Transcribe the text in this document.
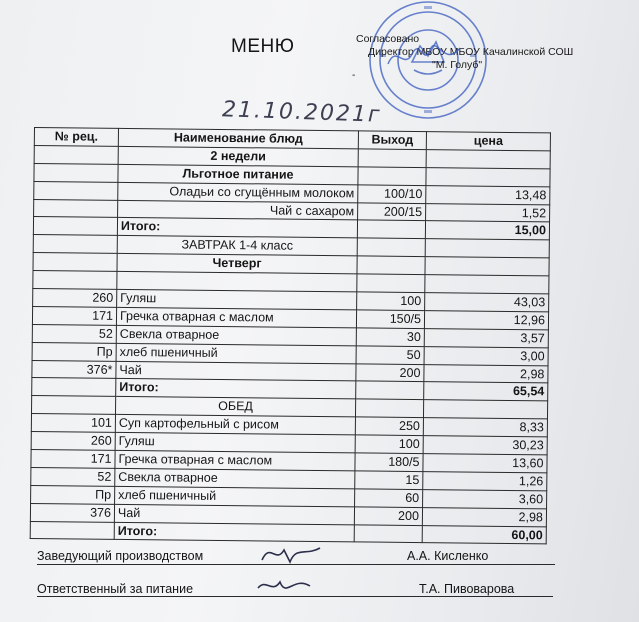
МЕНЮ	Согласовано
Директор МБОУ МБОУ Качалинской СОШ
"М. Голуб"
-
21.10.2021г
№ рец.	Наименование блюд	Выход	цена
	2 недели		
	Льготное питание		
	Оладьи со сгущённым молоком	100/10	13,48
	Чай с сахаром	200/15	1,52
	Итого:		15,00
	ЗАВТРАК 1-4 класс		
	Четверг		

260	Гуляш	100	43,03
171	Гречка отварная с маслом	150/5	12,96
52	Свекла отварное	30	3,57
Пр	хлеб пшеничный	50	3,00
376*	Чай	200	2,98
	Итого:		65,54
	ОБЕД		
101	Суп картофельный с рисом	250	8,33
260	Гуляш	100	30,23
171	Гречка отварная с маслом	180/5	13,60
52	Свекла отварное	15	1,26
Пр	хлеб пшеничный	60	3,60
376	Чай	200	2,98
	Итого:		60,00
Заведующий производством	А.А. Кисленко
Ответственный за питание	Т.А. Пивоварова
